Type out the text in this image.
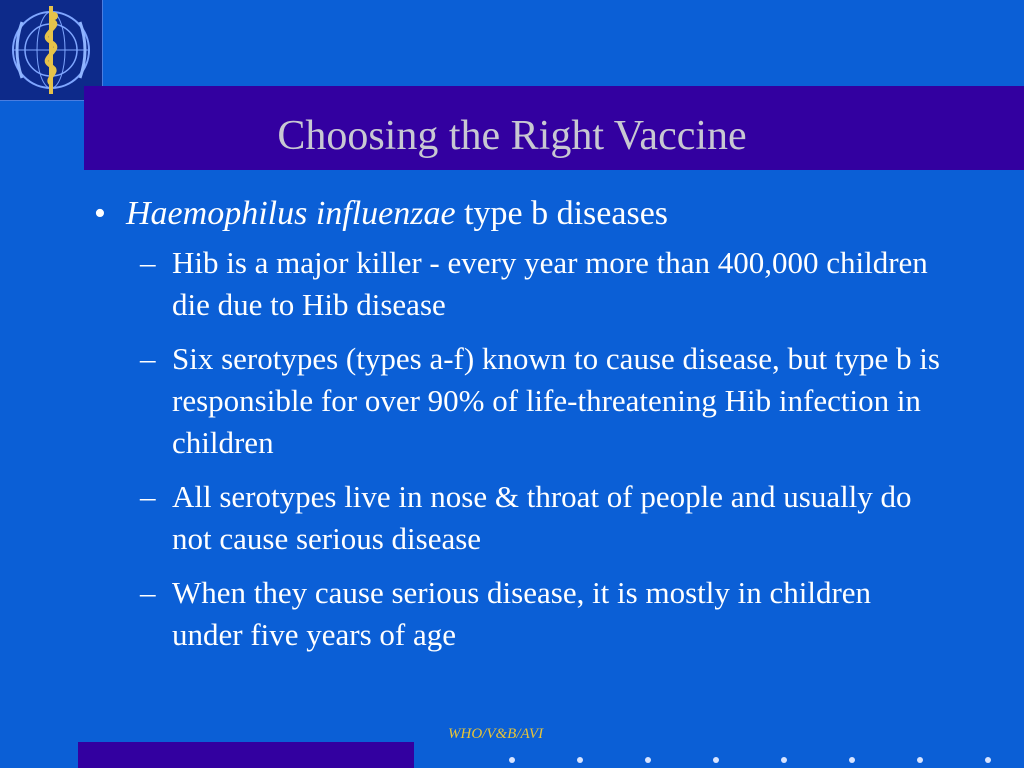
Choosing the Right Vaccine
• Haemophilus influenzae type b diseases
– Hib is a major killer - every year more than 400,000 children die due to Hib disease
– Six serotypes (types a-f) known to cause disease, but type b is responsible for over 90% of life-threatening Hib infection in children
– All serotypes live in nose & throat of people and usually do not cause serious disease
– When they cause serious disease, it is mostly in children under five years of age
WHO/V&B/AVI
